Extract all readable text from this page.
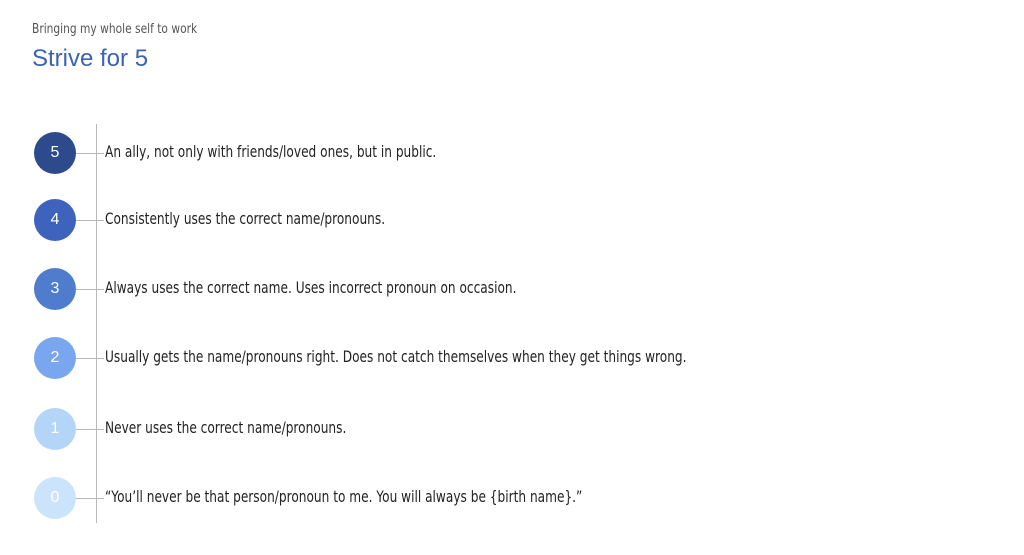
Bringing my whole self to work
Strive for 5
5	An ally, not only with friends/loved ones, but in public.
4	Consistently uses the correct name/pronouns.
3	Always uses the correct name. Uses incorrect pronoun on occasion.
2	Usually gets the name/pronouns right. Does not catch themselves when they get things wrong.
1	Never uses the correct name/pronouns.
0	“You’ll never be that person/pronoun to me. You will always be {birth name}.”
